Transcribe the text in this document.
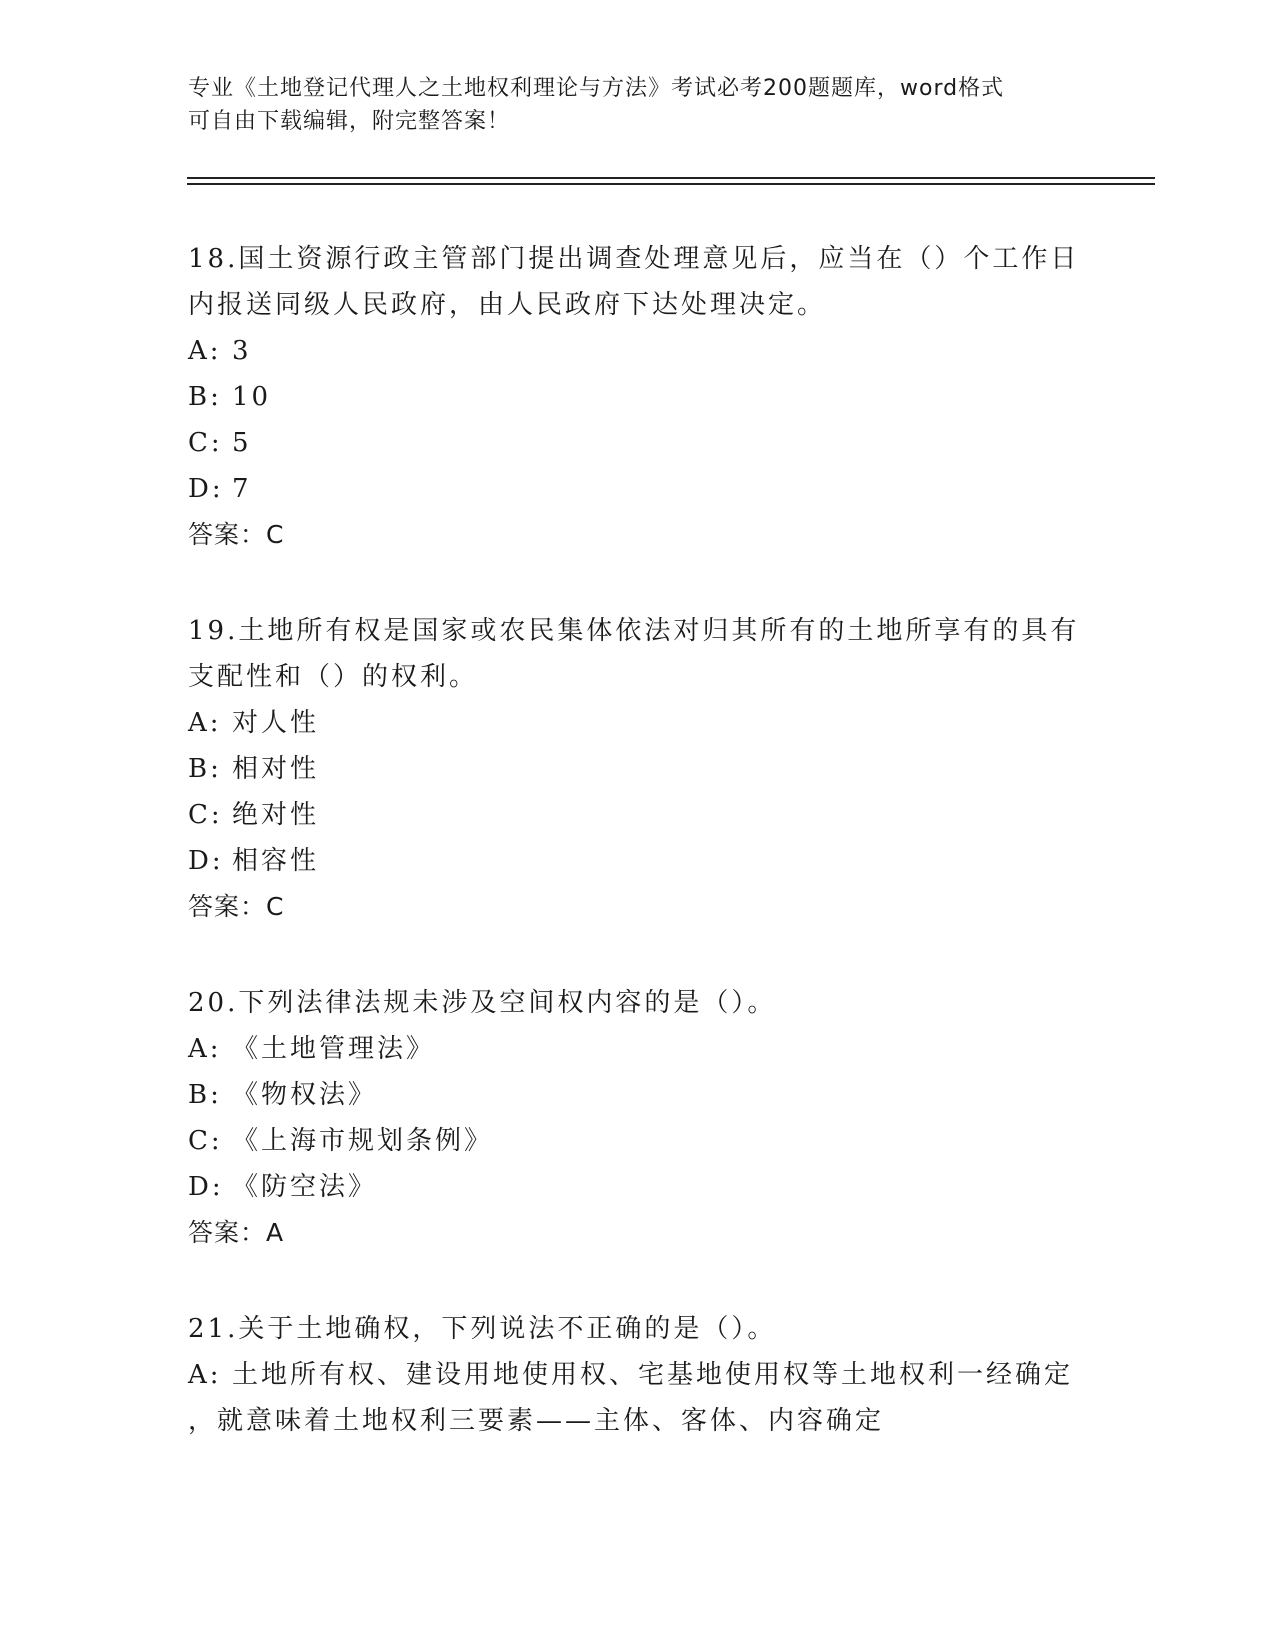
专业《土地登记代理人之土地权利理论与方法》考试必考200题题库，word格式
可自由下载编辑，附完整答案！

18.国土资源行政主管部门提出调查处理意见后，应当在（）个工作日

内报送同级人民政府，由人民政府下达处理决定。

A: 3

B: 10

C: 5

D: 7

答案：C

19.土地所有权是国家或农民集体依法对归其所有的土地所享有的具有

支配性和（）的权利。

A: 对人性

B: 相对性

C: 绝对性

D: 相容性

答案：C

20.下列法律法规未涉及空间权内容的是（）。

A: 《土地管理法》

B: 《物权法》

C: 《上海市规划条例》

D: 《防空法》

答案：A

21.关于土地确权，下列说法不正确的是（）。

A: 土地所有权、建设用地使用权、宅基地使用权等土地权利一经确定

，就意味着土地权利三要素——主体、客体、内容确定
